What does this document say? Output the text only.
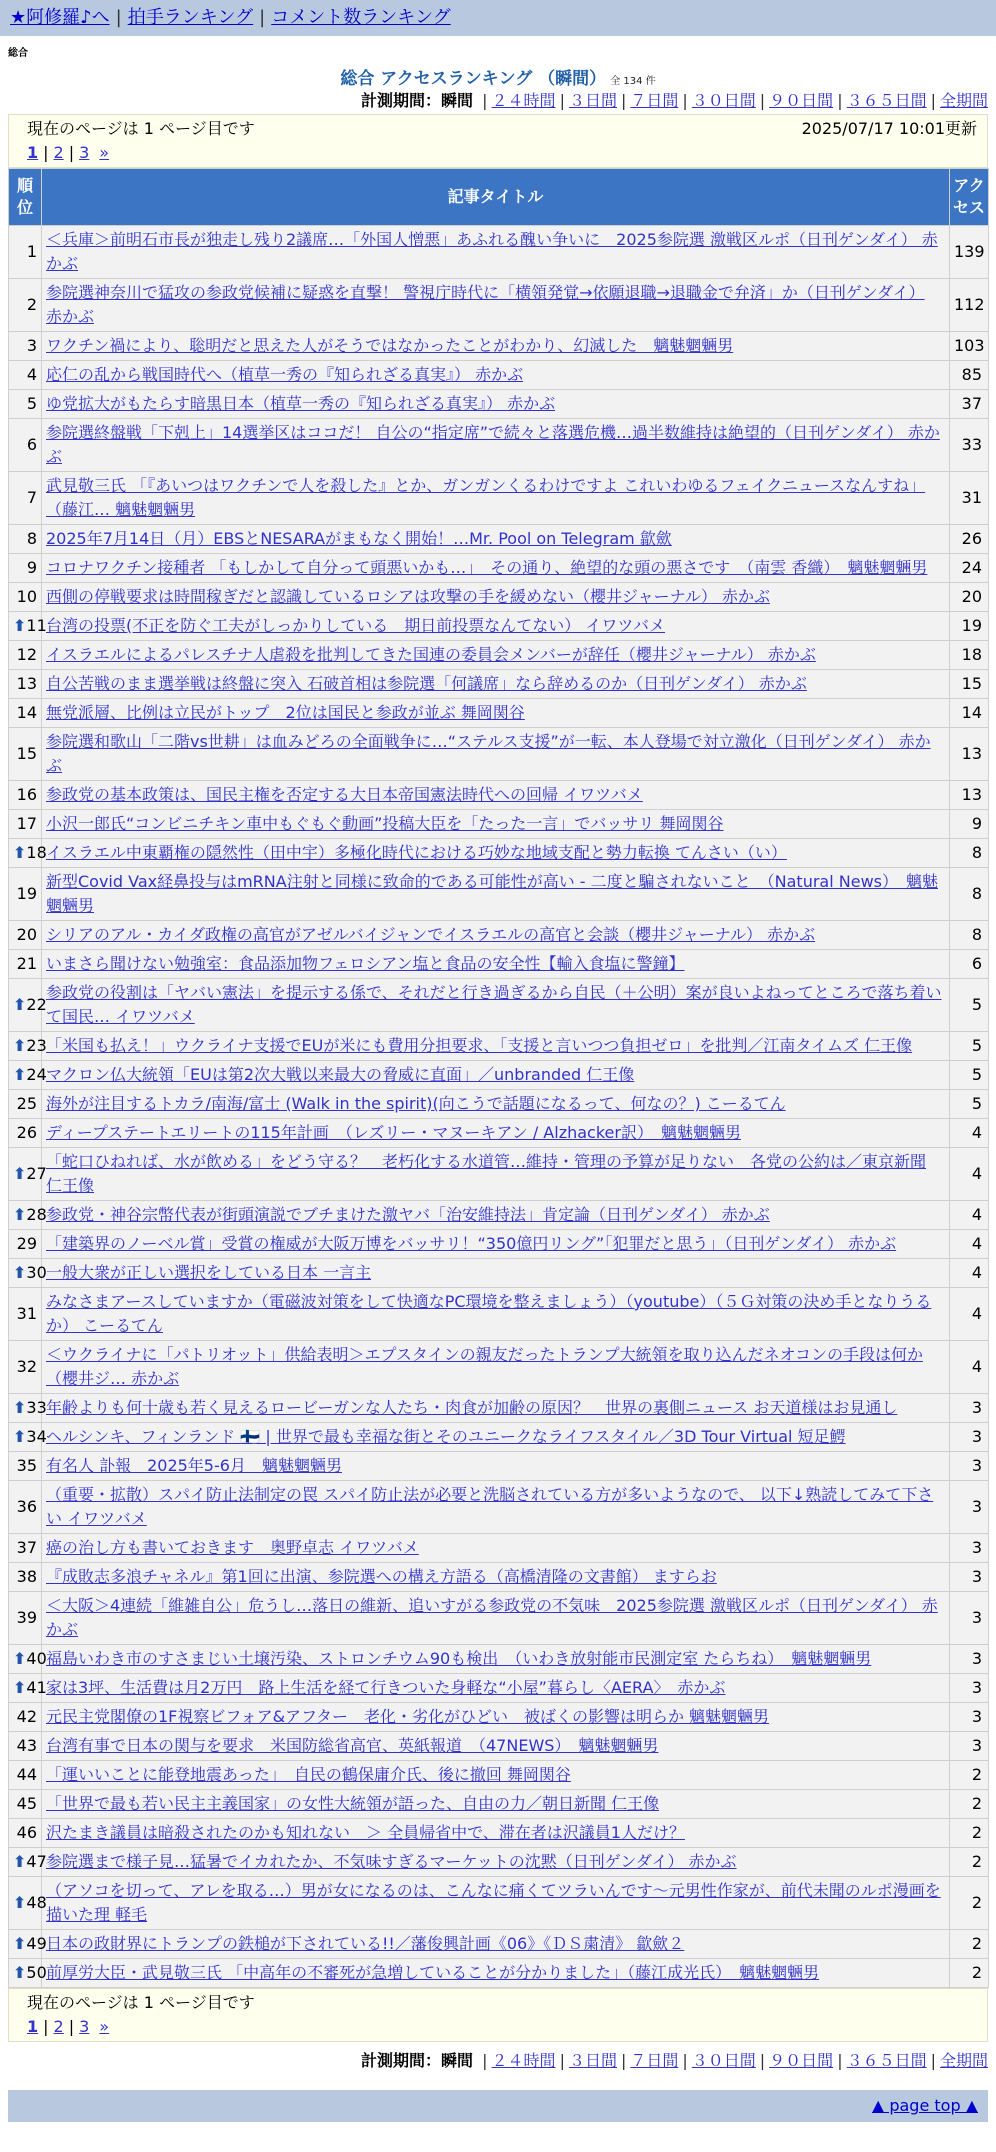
★阿修羅♪へ | 拍手ランキング | コメント数ランキング
総合
総合 アクセスランキング （瞬間） 全 134 件
計測期間：瞬間 | ２４時間 | ３日間 | ７日間 | ３０日間 | ９０日間 | ３６５日間 | 全期間
現在のページは 1 ページ目です	2025/07/17 10:01更新
1 | 2 | 3 »
順位	記事タイトル	アクセス
1	＜兵庫＞前明石市長が独走し残り2議席…「外国人憎悪」あふれる醜い争いに　2025参院選 激戦区ルポ（日刊ゲンダイ） 赤かぶ	139
2	参院選神奈川で猛攻の参政党候補に疑惑を直撃！ 警視庁時代に「横領発覚→依願退職→退職金で弁済」か（日刊ゲンダイ） 赤かぶ	112
3	ワクチン禍により、聡明だと思えた人がそうではなかったことがわかり、幻滅した　魑魅魍魎男	103
4	応仁の乱から戦国時代へ（植草一秀の『知られざる真実』） 赤かぶ	85
5	ゆ党拡大がもたらす暗黒日本（植草一秀の『知られざる真実』） 赤かぶ	37
6	参院選終盤戦「下剋上」14選挙区はココだ！ 自公の“指定席”で続々と落選危機…過半数維持は絶望的（日刊ゲンダイ） 赤かぶ	33
7	武見敬三氏 「『あいつはワクチンで人を殺した』とか、ガンガンくるわけですよ これいわゆるフェイクニュースなんすね」 （藤江… 魑魅魍魎男	31
8	2025年7月14日（月）EBSとNESARAがまもなく開始！…Mr. Pool on Telegram 歙歛	26
9	コロナワクチン接種者 「もしかして自分って頭悪いかも…」　その通り、絶望的な頭の悪さです　（南雲 香織）　魑魅魍魎男	24
10	西側の停戦要求は時間稼ぎだと認識しているロシアは攻撃の手を緩めない（櫻井ジャーナル） 赤かぶ	20

⬆ 11	台湾の投票(不正を防ぐ工夫がしっかりしている　期日前投票なんてない） イワツバメ	19
12	イスラエルによるパレスチナ人虐殺を批判してきた国連の委員会メンバーが辞任（櫻井ジャーナル） 赤かぶ	18
13	自公苦戦のまま選挙戦は終盤に突入 石破首相は参院選「何議席」なら辞めるのか（日刊ゲンダイ） 赤かぶ	15
14	無党派層、比例は立民がトップ　2位は国民と参政が並ぶ 舞岡関谷	14
15	参院選和歌山「二階vs世耕」は血みどろの全面戦争に…“ステルス支援”が一転、本人登場で対立激化（日刊ゲンダイ） 赤かぶ	13
16	参政党の基本政策は、国民主権を否定する大日本帝国憲法時代への回帰 イワツバメ	13
17	小沢一郎氏“コンビニチキン車中もぐもぐ動画”投稿大臣を「たった一言」でバッサリ 舞岡関谷	9

⬆ 18	イスラエル中東覇権の隠然性（田中宇）多極化時代における巧妙な地域支配と勢力転換 てんさい（い）	8
19	新型Covid Vax経鼻投与はmRNA注射と同様に致命的である可能性が高い - 二度と騙されないこと　（Natural News）　魑魅魍魎男	8
20	シリアのアル・カイダ政権の高官がアゼルバイジャンでイスラエルの高官と会談（櫻井ジャーナル） 赤かぶ	8
21	いまさら聞けない勉強室：食品添加物フェロシアン塩と食品の安全性【輸入食塩に警鐘】	6

⬆ 22	参政党の役割は「ヤバい憲法」を提示する係で、それだと行き過ぎるから自民（＋公明）案が良いよねってところで落ち着いて国民… イワツバメ	5

⬆ 23	「米国も払え！」ウクライナ支援でEUが米にも費用分担要求、「支援と言いつつ負担ゼロ」を批判／江南タイムズ 仁王像	5

⬆ 24	マクロン仏大統領「EUは第2次大戦以来最大の脅威に直面」／unbranded 仁王像	5
25	海外が注目するトカラ/南海/富士 (Walk in the spirit)(向こうで話題になるって、何なの？) こーるてん	5
26	ディープステートエリートの115年計画　（レズリー・マヌーキアン / Alzhacker訳）　魑魅魍魎男	4

⬆ 27	「蛇口ひねれば、水が飲める」をどう守る？　老朽化する水道管…維持・管理の予算が足りない　各党の公約は／東京新聞 仁王像	4

⬆ 28	参政党・神谷宗幣代表が街頭演説でブチまけた激ヤバ「治安維持法」肯定論（日刊ゲンダイ） 赤かぶ	4
29	「建築界のノーベル賞」受賞の権威が大阪万博をバッサリ！“350億円リング”「犯罪だと思う」（日刊ゲンダイ） 赤かぶ	4

⬆ 30	一般大衆が正しい選択をしている日本 一言主	4
31	みなさまアースしていますか（電磁波対策をして快適なPC環境を整えましょう）（youtube）（５Ｇ対策の決め手となりうるか） こーるてん	4
32	＜ウクライナに「パトリオット」供給表明＞エプスタインの親友だったトランプ大統領を取り込んだネオコンの手段は何か（櫻井ジ… 赤かぶ	4

⬆ 33	年齢よりも何十歳も若く見えるロービーガンな人たち・肉食が加齢の原因？　世界の裏側ニュース お天道様はお見通し	3

⬆ 34	ヘルシンキ、フィンランド 🇫🇮 | 世界で最も幸福な街とそのユニークなライフスタイル／3D Tour Virtual 短足鰐	3
35	有名人 訃報　2025年5-6月　魑魅魍魎男	3
36	（重要・拡散）スパイ防止法制定の罠 スパイ防止法が必要と洗脳されている方が多いようなので、 以下↓熟読してみて下さい イワツバメ	3
37	癌の治し方も書いておきます　奥野卓志 イワツバメ	3
38	『成敗志多浪チャネル』第1回に出演、参院選への構え方語る（高橋清隆の文書館） ますらお	3
39	＜大阪＞4連続「維雑自公」危うし…落日の維新、追いすがる参政党の不気味　2025参院選 激戦区ルポ（日刊ゲンダイ） 赤かぶ	3

⬆ 40	福島いわき市のすさまじい土壌汚染、ストロンチウム90も検出　（いわき放射能市民測定室 たらちね）　魑魅魍魎男	3

⬆ 41	家は3坪、生活費は月2万円　路上生活を経て行きついた身軽な“小屋”暮らし〈AERA〉　赤かぶ	3
42	元民主党閣僚の1F視察ビフォア&アフター　老化・劣化がひどい　被ばくの影響は明らか 魑魅魍魎男	3
43	台湾有事で日本の関与を要求　米国防総省高官、英紙報道　（47NEWS）　魑魅魍魎男	3
44	「運いいことに能登地震あった」　自民の鶴保庸介氏、後に撤回 舞岡関谷	2
45	「世界で最も若い民主主義国家」の女性大統領が語った、自由の力／朝日新聞 仁王像	2
46	沢たまき議員は暗殺されたのかも知れない　＞ 全員帰省中で、滞在者は沢議員1人だけ？	2

⬆ 47	参院選まで様子見…猛暑でイカれたか、不気味すぎるマーケットの沈黙（日刊ゲンダイ） 赤かぶ	2

⬆ 48	（アソコを切って、アレを取る…）男が女になるのは、こんなに痛くてツラいんです〜元男性作家が、前代未聞のルポ漫画を描いた理 軽毛	2

⬆ 49	日本の政財界にトランプの鉄槌が下されている!!／藩俊興計画《06》《ＤＳ粛清》 歙歛２	2

⬆ 50	前厚労大臣・武見敬三氏 「中高年の不審死が急増していることが分かりました」（藤江成光氏）　魑魅魍魎男	2
現在のページは 1 ページ目です
1 | 2 | 3 »
計測期間：瞬間 | ２４時間 | ３日間 | ７日間 | ３０日間 | ９０日間 | ３６５日間 | 全期間
▲ page top ▲
